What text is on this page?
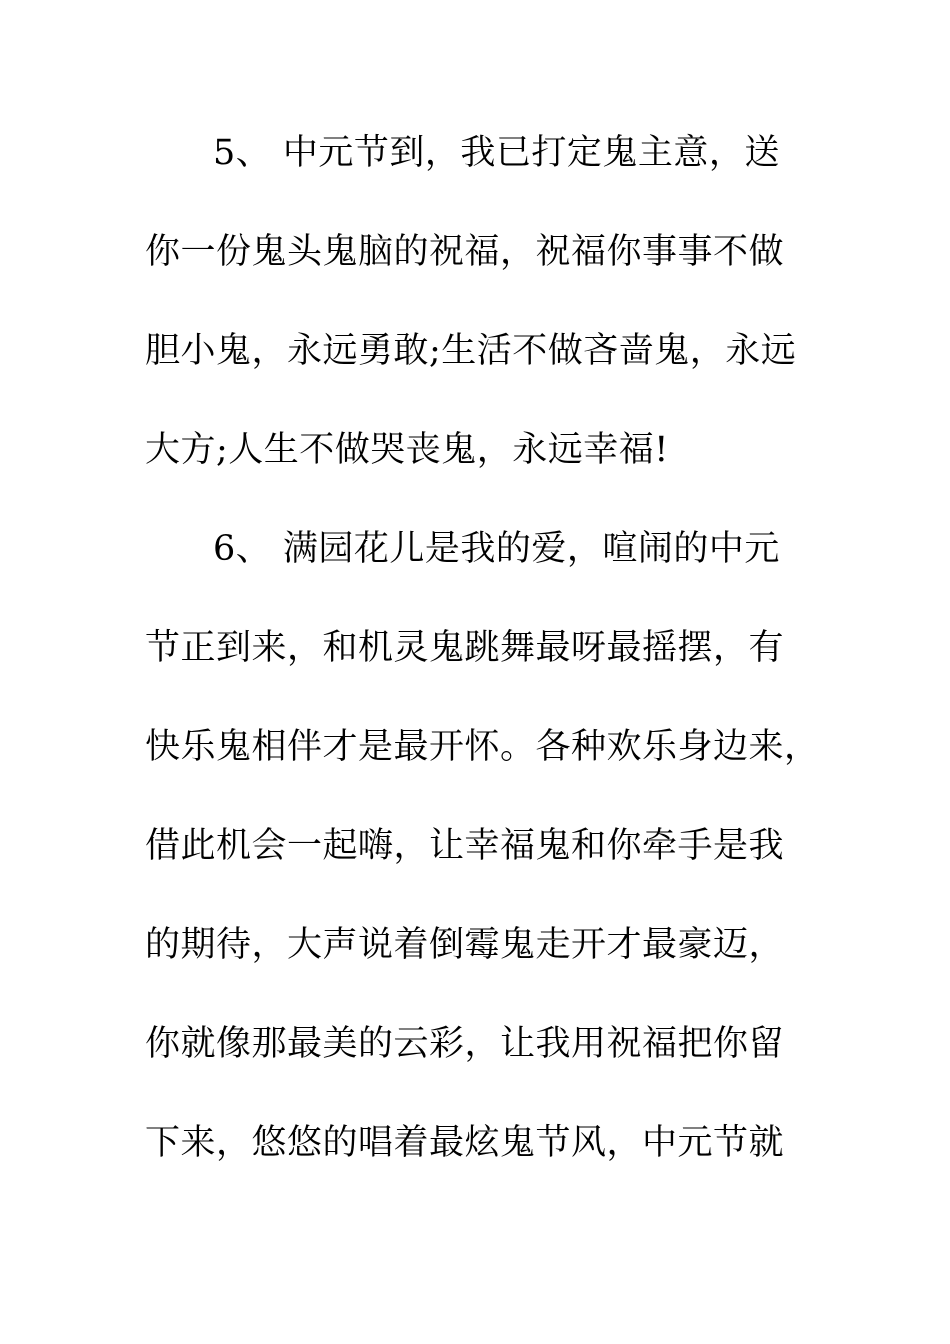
5、 中元节到，我已打定鬼主意，送
你一份鬼头鬼脑的祝福，祝福你事事不做
胆小鬼，永远勇敢;生活不做吝啬鬼，永远
大方;人生不做哭丧鬼，永远幸福!
6、 满园花儿是我的爱，喧闹的中元
节正到来，和机灵鬼跳舞最呀最摇摆，有
快乐鬼相伴才是最开怀。各种欢乐身边来，
借此机会一起嗨，让幸福鬼和你牵手是我
的期待，大声说着倒霉鬼走开才最豪迈，
你就像那最美的云彩，让我用祝福把你留
下来，悠悠的唱着最炫鬼节风，中元节就
